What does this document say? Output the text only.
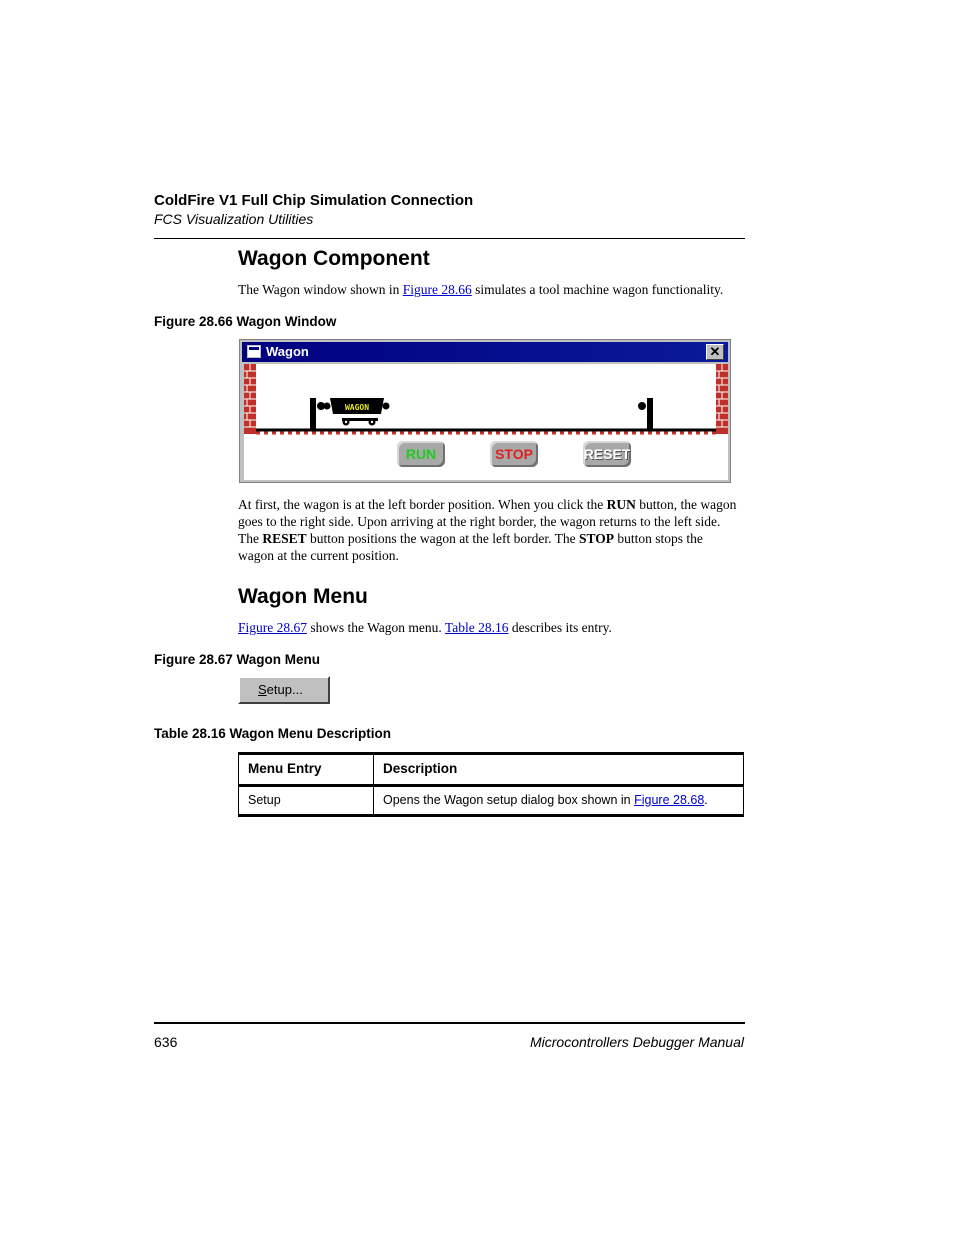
ColdFire V1 Full Chip Simulation Connection
FCS Visualization Utilities
Wagon Component
The Wagon window shown in Figure 28.66 simulates a tool machine wagon functionality.
Figure 28.66 Wagon Window
Wagon	✕
WAGON
RUN	STOP	RESET
At first, the wagon is at the left border position. When you click the RUN button, the wagon goes to the right side. Upon arriving at the right border, the wagon returns to the left side. The RESET button positions the wagon at the left border. The STOP button stops the wagon at the current position.
Wagon Menu
Figure 28.67 shows the Wagon menu. Table 28.16 describes its entry.
Figure 28.67 Wagon Menu
Setup...
Table 28.16 Wagon Menu Description
Menu Entry	Description
Setup	Opens the Wagon setup dialog box shown in Figure 28.68.
636	Microcontrollers Debugger Manual
